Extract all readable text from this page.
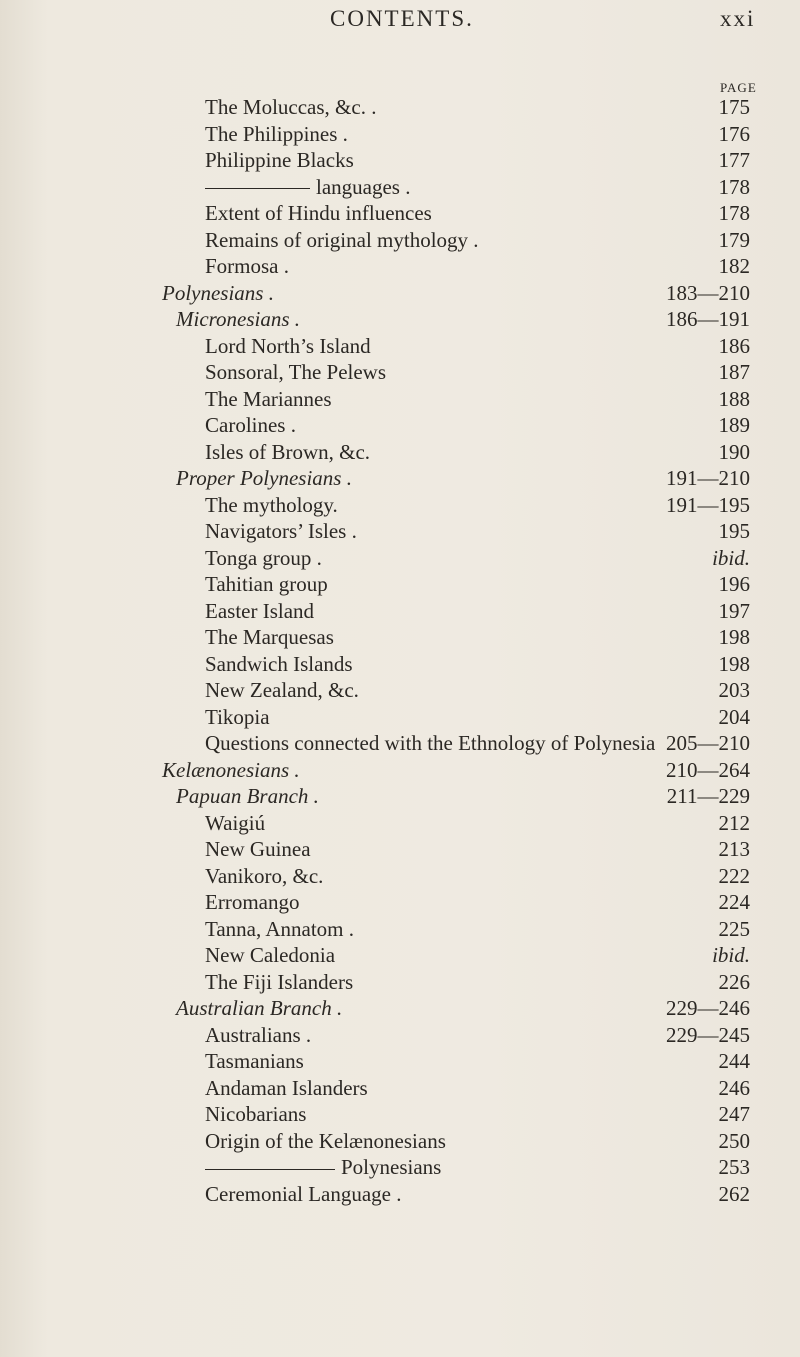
CONTENTS.	xxi
PAGE
The Moluccas, &c. .	175
The Philippines .	176
Philippine Blacks	177
languages .	178
Extent of Hindu influences	178
Remains of original mythology .	179
Formosa .	182
Polynesians .	183—210
Micronesians .	186—191
Lord North’s Island	186
Sonsoral, The Pelews	187
The Mariannes	188
Carolines .	189
Isles of Brown, &c.	190
Proper Polynesians .	191—210
The mythology.	191—195
Navigators’ Isles .	195
Tonga group .	ibid.
Tahitian group	196
Easter Island	197
The Marquesas	198
Sandwich Islands	198
New Zealand, &c.	203
Tikopia	204
Questions connected with the Ethnology of Polynesia 205—210
Kelænonesians .	210—264
Papuan Branch .	211—229
Waigiú	212
New Guinea	213
Vanikoro, &c.	222
Erromango	224
Tanna, Annatom .	225
New Caledonia	ibid.
The Fiji Islanders	226
Australian Branch .	229—246
Australians .	229—245
Tasmanians	244
Andaman Islanders	246
Nicobarians	247
Origin of the Kelænonesians	250
Polynesians	253
Ceremonial Language .	262
